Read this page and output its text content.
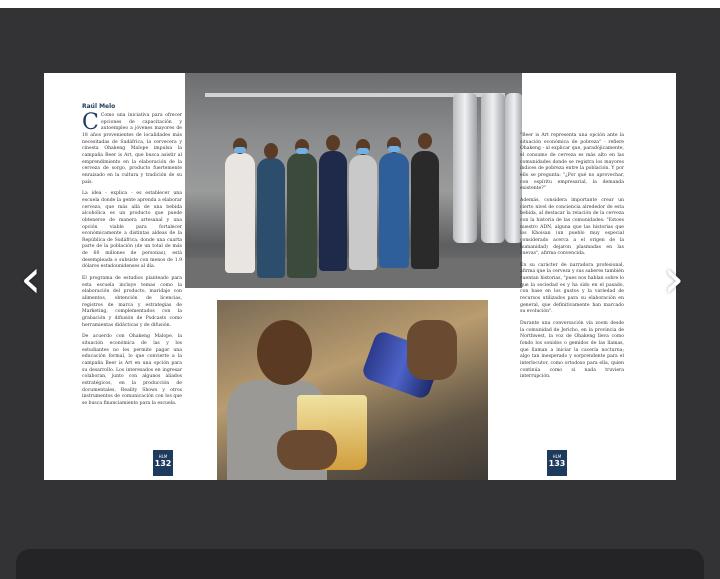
Raúl Melo

C Como una iniciativa para ofrecer opciones de capacitación y autoempleo a jóvenes mayores de 18 años provenientes de localidades más necesitadas de Sudáfrica, la cervecera y cinesta Ohakeng Malope impulsa la campaña Beer is Art, que busca asistir al emprendimiento en la elaboración de la cerveza de sorgo, producto fuertemente enraizado en la cultura y tradición de su país.

La idea - explica - es establecer una escuela donde la gente aprenda a elaborar cerveza, que más allá de una bebida alcohólica es un producto que puede obtenerse de manera artesanal y una opción viable para fortalecer económicamente a distintas aldeas de la República de Sudáfrica, donde una cuarta parte de la población (de un total de más de 60 millones de personas), está desempleada o subsiste con menos de 1.9 dólares estadounidenses al día.

El programa de estudios planteado para esta escuela incluye temas como la elaboración del producto, maridaje con alimentos, obtención de licencias, registros de marca y estrategias de Marketing, complementados con la grabación y difusión de Podcasts como herramientas didácticas y de difusión.

De acuerdo con Ohakeng Malope, la situación económica de las y los estudiantes no les permite pagar una educación formal, lo que convierte a la campaña Beer is Art en una opción para su desarrollo. Los interesados en ingresar colaboran, junto con algunos aliados estratégicos, en la producción de documentales, Reality Shows y otros instrumentos de comunicación con los que se busca financiamiento para la escuela.

HLM
132
HLM
133

"Beer is Art representa una opción ante la situación económica de pobreza" - refiere Ohakeng - al explicar que, paradójicamente, el consumo de cerveza es más alto en las comunidades donde se registra los mayores índices de pobreza entre la población. Y por ello se pregunta: "¿Por qué no aprovechar, con espíritu empresarial, la demanda existente?"

Además, considera importante crear un cierto nivel de conciencia alrededor de esta bebida, al destacar la relación de la cerveza con la historia de las comunidades: "Estoes nuestro ADN, alguna que las historias que los Khoisan (un pueblo muy especial considerado acerca a el origen de la humanidad) dejaron plasmadas en las cuevas", afirma convencida.

En su carácter de narradora profesional, afirma que la cerveza y sus saberes también cuentan historias, "pues nos hablan sobre lo que la sociedad es y ha sido en el pasado, con base en los gustos y la variedad de recursos utilizados para su elaboración en general, que definitivamente han marcado su evolución".

Durante una conversación vía zoom desde la comunidad de Jericho, en la provincia de Northwest, la voz de Ohakeng lleva como fondo los sonidos o gemidos de las llamas, que llaman a iniciar la cacería nocturna; algo tan inesperado y sorprendente para el interlocutor, como ortodoxo para ella, quien continúa como si nada truviera interrupción.

‹	›
